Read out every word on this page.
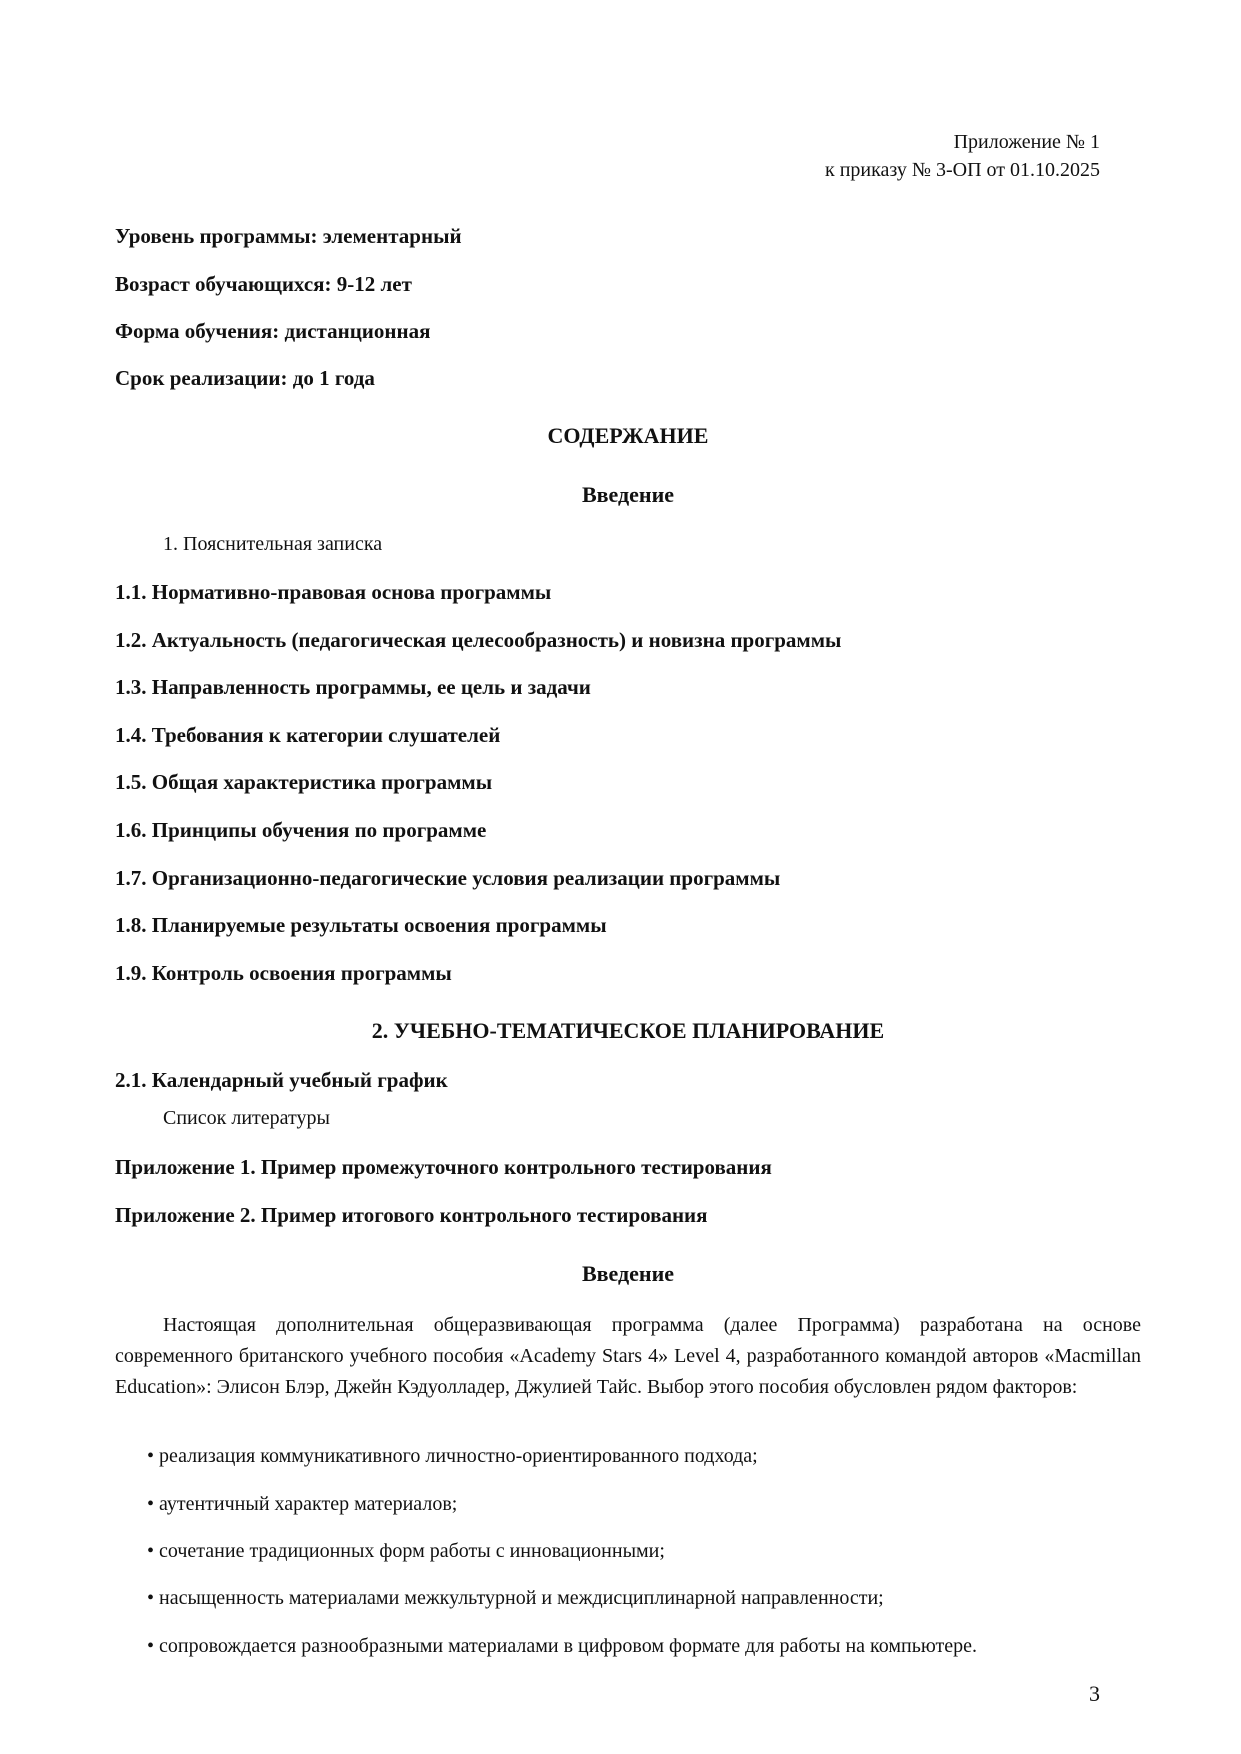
Приложение № 1
к приказу № 3-ОП от 01.10.2025
Уровень программы: элементарный
Возраст обучающихся: 9-12 лет
Форма обучения: дистанционная
Срок реализации: до 1 года
СОДЕРЖАНИЕ
Введение
1. Пояснительная записка
1.1. Нормативно-правовая основа программы
1.2. Актуальность (педагогическая целесообразность) и новизна программы
1.3. Направленность программы, ее цель и задачи
1.4. Требования к категории слушателей
1.5. Общая характеристика программы
1.6. Принципы обучения по программе
1.7. Организационно-педагогические условия реализации программы
1.8. Планируемые результаты освоения программы
1.9. Контроль освоения программы
2. УЧЕБНО-ТЕМАТИЧЕСКОЕ ПЛАНИРОВАНИЕ
2.1. Календарный учебный график
Список литературы
Приложение 1. Пример промежуточного контрольного тестирования
Приложение 2. Пример итогового контрольного тестирования
Введение
Настоящая дополнительная общеразвивающая программа (далее Программа) разработана на основе современного британского учебного пособия «Academy Stars 4» Level 4, разработанного командой авторов «Macmillan Education»: Элисон Блэр, Джейн Кэдуолладер, Джулией Тайс. Выбор этого пособия обусловлен рядом факторов:
• реализация коммуникативного личностно-ориентированного подхода;
• аутентичный характер материалов;
• сочетание традиционных форм работы с инновационными;
• насыщенность материалами межкультурной и междисциплинарной направленности;
• сопровождается разнообразными материалами в цифровом формате для работы на компьютере.
3
